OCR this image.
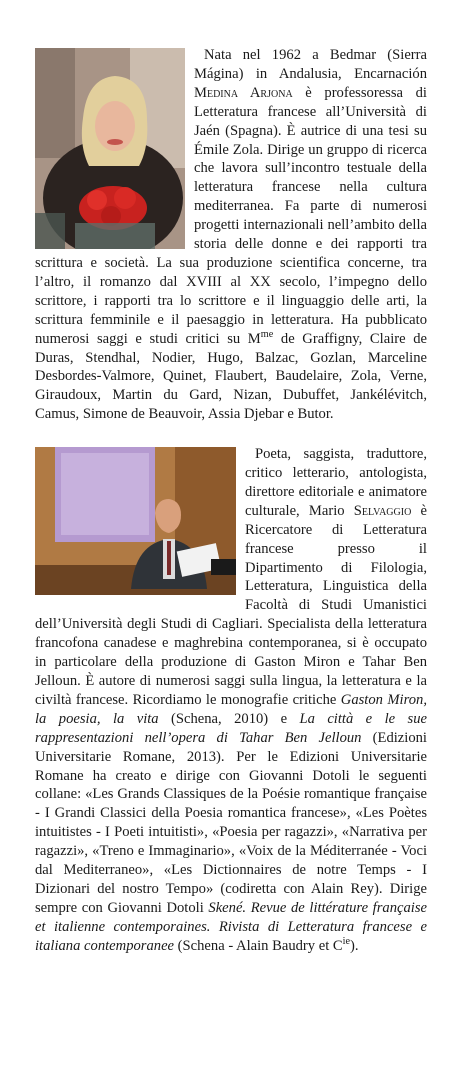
Nata nel 1962 a Bedmar (Sierra Mágina) in Andalusia, Encarnación Medina Arjona è professoressa di Letteratura francese all’Università di Jaén (Spagna). È autrice di una tesi su Émile Zola. Dirige un gruppo di ricerca che lavora sull’incontro testuale della letteratura francese nella cultura mediterranea. Fa parte di numerosi progetti internazionali nell’ambito della storia delle donne e dei rapporti tra scrittura e società. La sua produzione scientifica concerne, tra l’altro, il romanzo dal XVIII al XX secolo, l’impegno dello scrittore, i rapporti tra lo scrittore e il linguaggio delle arti, la scrittura femminile e il paesaggio in letteratura. Ha pubblicato numerosi saggi e studi critici su $M^{me}$ de Graffigny, Claire de Duras, Stendhal, Nodier, Hugo, Balzac, Gozlan, Marceline Desbordes-Valmore, Quinet, Flaubert, Baudelaire, Zola, Verne, Giraudoux, Martin du Gard, Nizan, Dubuffet, Jankélévitch, Camus, Simone de Beauvoir, Assia Djebar e Butor.

Poeta, saggista, traduttore, critico letterario, antologista, direttore editoriale e animatore culturale, Mario Selvaggio è Ricercatore di Letteratura francese presso il Dipartimento di Filologia, Letteratura, Linguistica della Facoltà di Studi Umanistici dell’Università degli Studi di Cagliari. Specialista della letteratura francofona canadese e maghrebina contemporanea, si è occupato in particolare della produzione di Gaston Miron e Tahar Ben Jelloun. È autore di numerosi saggi sulla lingua, la letteratura e la civiltà francese. Ricordiamo le monografie critiche Gaston Miron, la poesia, la vita (Schena, 2010) e La città e le sue rappresentazioni nell’opera di Tahar Ben Jelloun (Edizioni Universitarie Romane, 2013). Per le Edizioni Universitarie Romane ha creato e dirige con Giovanni Dotoli le seguenti collane: «Les Grands Classiques de la Poésie romantique française - I Grandi Classici della Poesia romantica francese», «Les Poètes intuitistes - I Poeti intuitisti», «Poesia per ragazzi», «Narrativa per ragazzi», «Treno e Immaginario», «Voix de la Méditerranée - Voci dal Mediterraneo», «Les Dictionnaires de notre Temps - I Dizionari del nostro Tempo» (codiretta con Alain Rey). Dirige sempre con Giovanni Dotoli Skené. Revue de littérature française et italienne contemporaines. Rivista di Letteratura francese e italiana contemporanee (Schena - Alain Baudry et $C^{ie}$).
